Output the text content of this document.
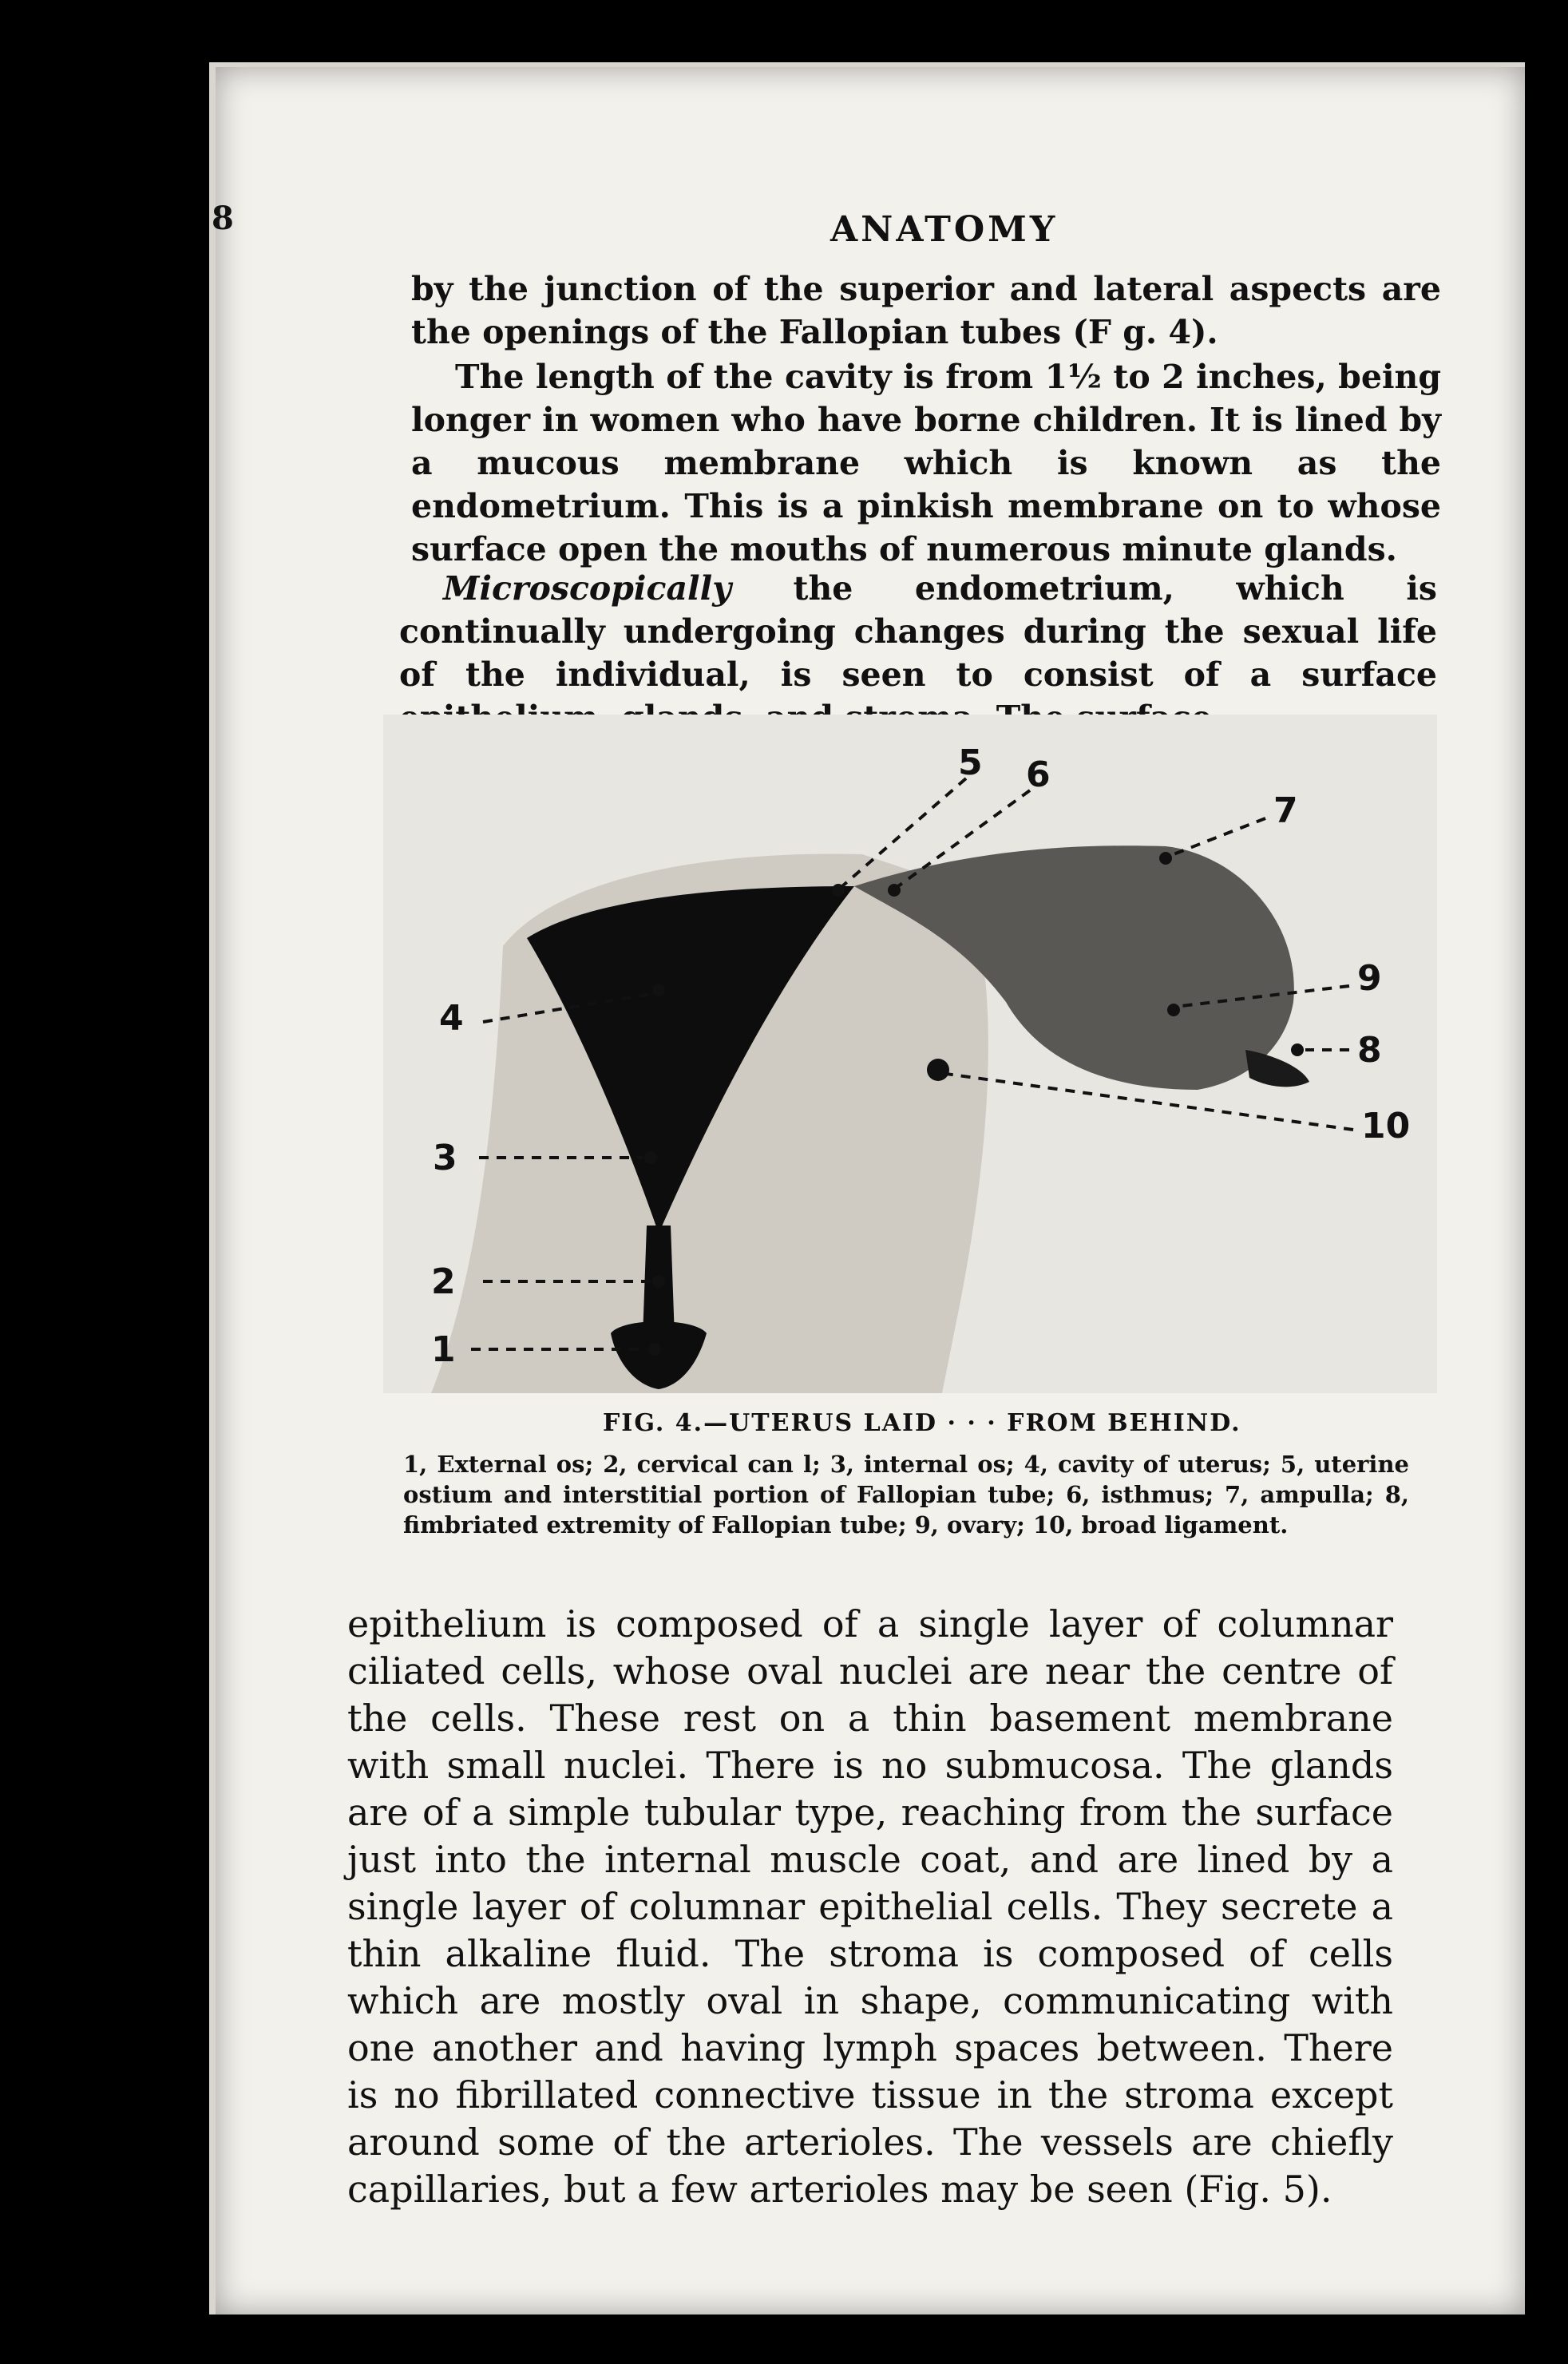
8	ANATOMY

by the junction of the superior and lateral aspects are the openings of the Fallopian tubes (F g. 4).

The length of the cavity is from 1½ to 2 inches, being longer in women who have borne children. It is lined by a mucous membrane which is known as the endometrium. This is a pinkish membrane on to whose surface open the mouths of numerous minute glands.

Microscopically the endometrium, which is continually undergoing changes during the sexual life of the individual, is seen to consist of a surface

1
2
3
4
5 6
7
8
9
10
FIG. 4.—UTERUS LAID · · · FROM BEHIND.

1, External os; 2, cervical can l; 3, internal os; 4, cavity of uterus; 5, uterine ostium and interstitial portion of Fallopian tube; 6, isthmus; 7, ampulla; 8, fimbriated extremity of Fallopian tube; 9, ovary; 10, broad ligament.

epithelium is composed of a single layer of columnar ciliated cells, whose oval nuclei are near the centre of the cells. These rest on a thin basement membrane with small nuclei. There is no submucosa. The glands are of a simple tubular type, reaching from the surface just into the internal muscle coat, and are lined by a single layer of columnar epithelial cells. They secrete a thin alkaline fluid. The stroma is composed of cells which are mostly oval in shape, communicating with one another and having lymph spaces between. There is no fibrillated connective tissue in the stroma except around some of the arterioles. The vessels are chiefly capillaries, but a few arterioles may be seen (Fig. 5).
